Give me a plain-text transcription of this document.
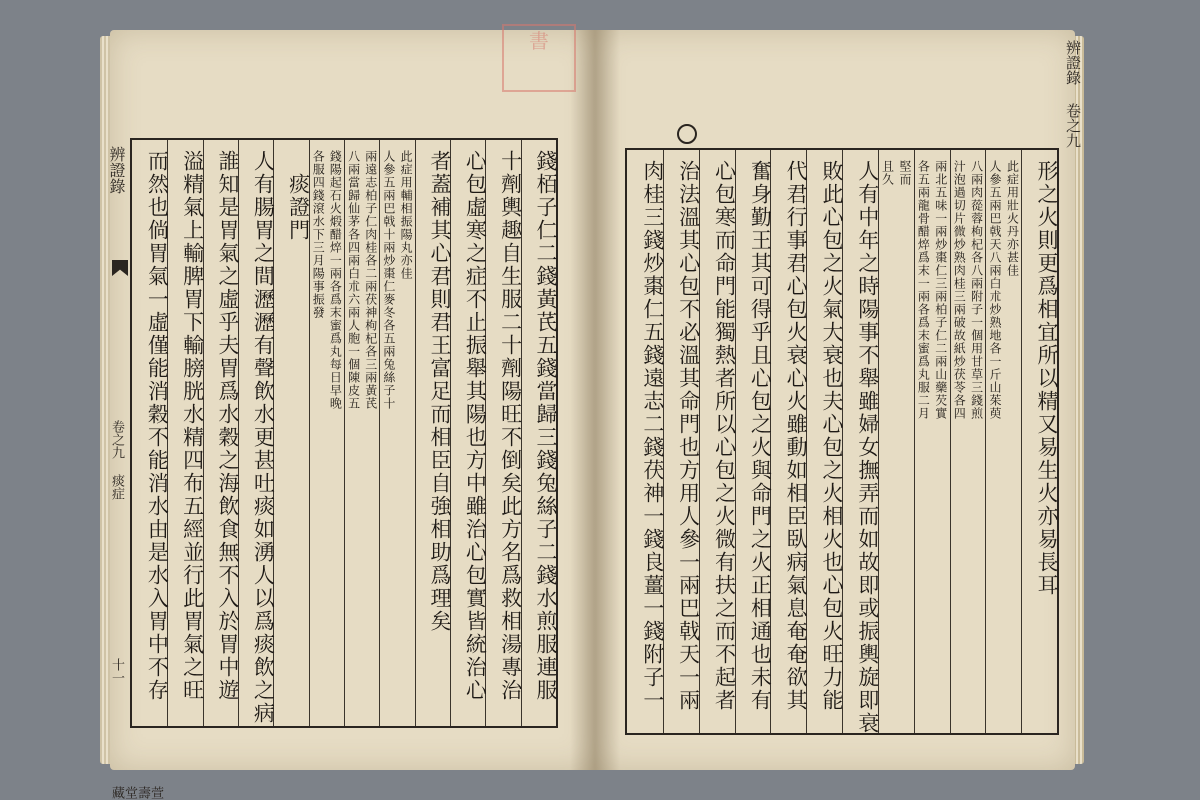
書
辨證錄
卷之九 痰症
十一
萱壽堂藏
錢栢子仁二錢黃芪五錢當歸三錢兔絲子二錢水煎服連服
十劑輿趣自生服二十劑陽旺不倒矣此方名爲救相湯專治
心包虛寒之症不止振舉其陽也方中雖治心包實皆統治心
者蓋補其心君則君王富足而相臣自強相助爲理矣
此症用輔相振陽丸亦佳
人參五兩巴戟十兩炒棗仁麥冬各五兩兔絲子十
兩遠志柏子仁肉桂各二兩茯神枸杞各三兩黃芪
八兩當歸仙茅各四兩白朮六兩人胞一個陳皮五
錢陽起石火煅醋焠一兩各爲末蜜爲丸每日早晚
各服四錢滾水下三月陽事振發
　痰證門
人有腸胃之間瀝瀝有聲飲水更甚吐痰如湧人以爲痰飲之病
誰知是胃氣之虛乎夫胃爲水穀之海飲食無不入於胃中遊
溢精氣上輸脾胃下輸膀胱水精四布五經並行此胃氣之旺
而然也倘胃氣一虛僅能消穀不能消水由是水入胃中不存	形之火則更爲相宜所以精又易生火亦易長耳
此症用壯火丹亦甚佳
人參五兩巴戟天八兩白朮炒熟地各一斤山茱萸
八兩肉蓯蓉枸杞各八兩附子一個用甘草三錢煎
汁泡過切片微炒熟肉桂三兩破故紙炒茯苓各四
兩北五味一兩炒棗仁三兩柏子仁二兩山藥芡實
各五兩龍骨醋焠爲末一兩各爲末蜜爲丸服二月
堅而
且久
人有中年之時陽事不舉雖婦女撫弄而如故即或振輿旋即衰
敗此心包之火氣大衰也夫心包之火相火也心包火旺力能
代君行事君心包火衰心火雖動如相臣臥病氣息奄奄欲其
奮身勤王其可得乎且心包之火與命門之火正相通也未有
心包寒而命門能獨熱者所以心包之火微有扶之而不起者
治法溫其心包不必溫其命門也方用人參一兩巴戟天一兩
肉桂三錢炒棗仁五錢遠志二錢茯神一錢良薑一錢附子一
辨證錄 卷之九
